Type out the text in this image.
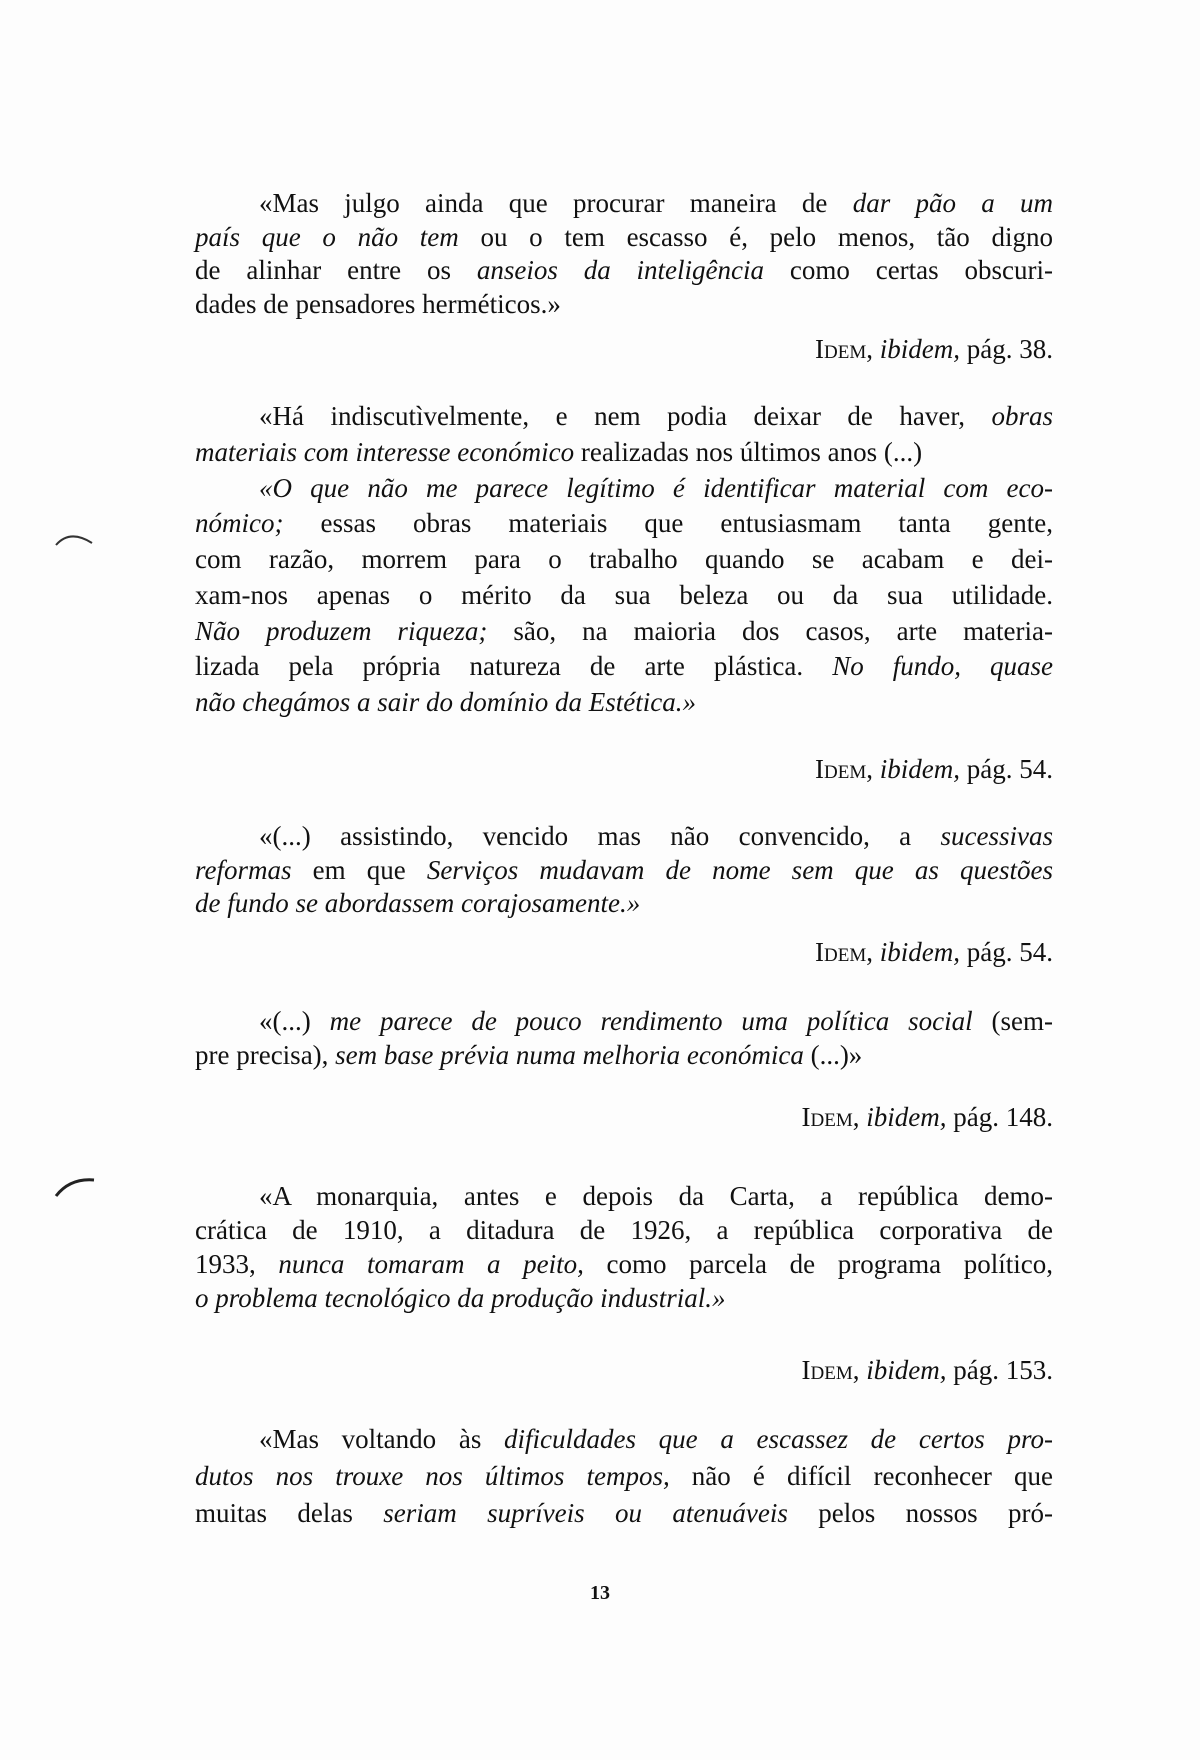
13
«Mas julgo ainda que procurar maneira de dar pão a um
país que o não tem ou o tem escasso é, pelo menos, tão digno
de alinhar entre os anseios da inteligência como certas obscuri-
dades de pensadores herméticos.»
Idem, ibidem, pág. 38.
«Há indiscutìvelmente, e nem podia deixar de haver, obras
materiais com interesse económico realizadas nos últimos anos (...)
«O que não me parece legítimo é identificar material com eco-
nómico; essas obras materiais que entusiasmam tanta gente,
com razão, morrem para o trabalho quando se acabam e dei-
xam-nos apenas o mérito da sua beleza ou da sua utilidade.
Não produzem riqueza; são, na maioria dos casos, arte materia-
lizada pela própria natureza de arte plástica. No fundo, quase
não chegámos a sair do domínio da Estética.»
Idem, ibidem, pág. 54.
«(...) assistindo, vencido mas não convencido, a sucessivas
reformas em que Serviços mudavam de nome sem que as questões
de fundo se abordassem corajosamente.»
Idem, ibidem, pág. 54.
«(...) me parece de pouco rendimento uma política social (sem-
pre precisa), sem base prévia numa melhoria económica (...)»
Idem, ibidem, pág. 148.
«A monarquia, antes e depois da Carta, a república demo-
crática de 1910, a ditadura de 1926, a república corporativa de
1933, nunca tomaram a peito, como parcela de programa político,
o problema tecnológico da produção industrial.»
Idem, ibidem, pág. 153.
«Mas voltando às dificuldades que a escassez de certos pro-
dutos nos trouxe nos últimos tempos, não é difícil reconhecer que
muitas delas seriam supríveis ou atenuáveis pelos nossos pró-
